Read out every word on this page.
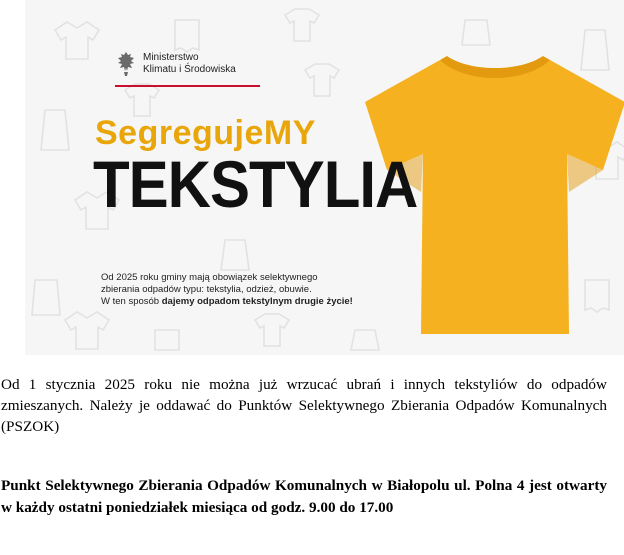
Ministerstwo
Klimatu i Środowiska
SegregujeMY
TEKSTYLIA
Od 2025 roku gminy mają obowiązek selektywnego
zbierania odpadów typu: tekstylia, odzież, obuwie.
W ten sposób dajemy odpadom tekstylnym drugie życie!

Od 1 stycznia 2025 roku nie można już wrzucać ubrań i innych tekstyliów do odpadów zmieszanych. Należy je oddawać do Punktów Selektywnego Zbierania Odpadów Komunalnych (PSZOK)

Punkt Selektywnego Zbierania Odpadów Komunalnych w Białopolu ul. Polna 4 jest otwarty w każdy ostatni poniedziałek miesiąca od godz. 9.00 do 17.00
